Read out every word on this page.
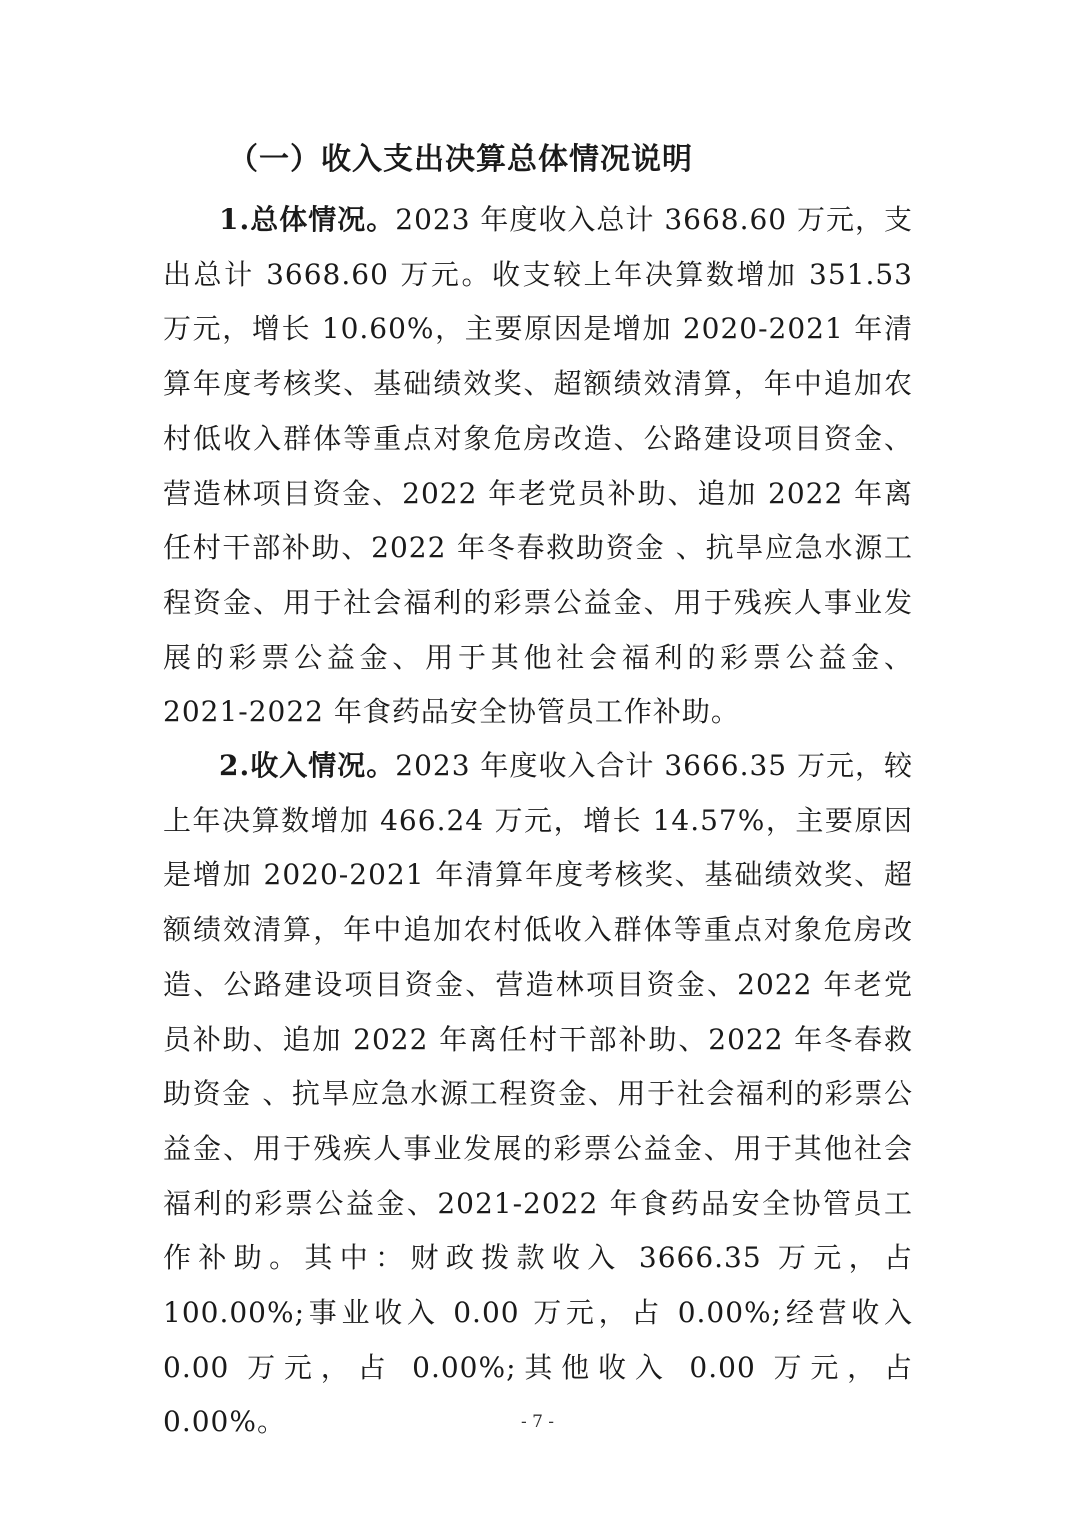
（一）收入支出决算总体情况说明

1.总体情况。2023 年度收入总计 3668.60 万元，支出总计 3668.60 万元。收支较上年决算数增加 351.53 万元，增长 10.60%，主要原因是增加 2020-2021 年清算年度考核奖、基础绩效奖、超额绩效清算，年中追加农村低收入群体等重点对象危房改造、公路建设项目资金、营造林项目资金、2022 年老党员补助、追加 2022 年离任村干部补助、2022 年冬春救助资金 、抗旱应急水源工程资金、用于社会福利的彩票公益金、用于残疾人事业发展的彩票公益金、用于其他社会福利的彩票公益金、2021-2022 年食药品安全协管员工作补助。

2.收入情况。2023 年度收入合计 3666.35 万元，较上年决算数增加 466.24 万元，增长 14.57%，主要原因是增加 2020-2021 年清算年度考核奖、基础绩效奖、超额绩效清算，年中追加农村低收入群体等重点对象危房改造、公路建设项目资金、营造林项目资金、2022 年老党员补助、追加 2022 年离任村干部补助、2022 年冬春救助资金 、抗旱应急水源工程资金、用于社会福利的彩票公益金、用于残疾人事业发展的彩票公益金、用于其他社会福利的彩票公益金、2021-2022 年食药品安全协管员工作补助。其中：财政拨款收入 3666.35 万元，占 100.00%;事业收入 0.00 万元，占 0.00%;经营收入 0.00 万元，占 0.00%;其他收入 0.00 万元，占 0.00%。	- 7 -
